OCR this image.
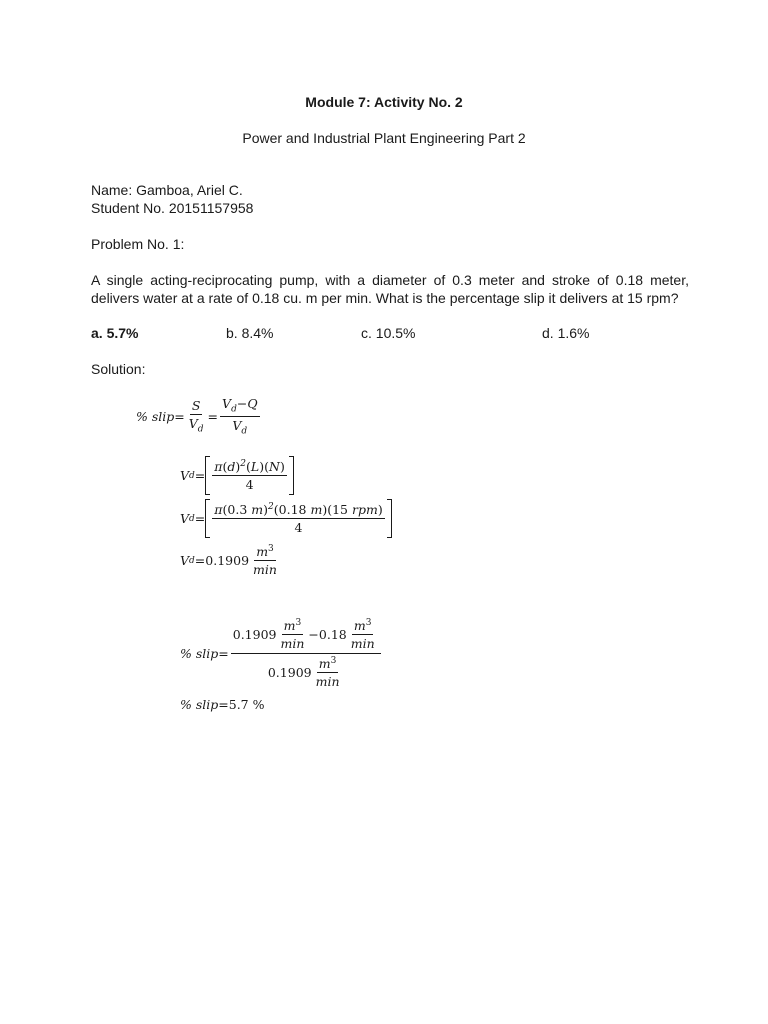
Module 7: Activity No. 2
Power and Industrial Plant Engineering Part 2
Name: Gamboa, Ariel C.
Student No. 20151157958
Problem No. 1:
A single acting-reciprocating pump, with a diameter of 0.3 meter and stroke of 0.18 meter, delivers water at a rate of 0.18 cu. m per min. What is the percentage slip it delivers at 15 rpm?
a. 5.7%	b. 8.4%	c. 10.5%	d. 1.6%
Solution:
% slip = $\frac{S}{V_d} = \frac{V_d-Q}{V_d}$
V $d = \frac{\pi(d)^2(L)(N)}{4}$
V $d = \frac{\pi(0.3 m)^2(0.18 m)(15 rpm)}{4}$
V $d = 0.1909 \frac{m^3}{\min}$
% slip =
$0.1909 \frac{m^3}{\min} - 0.18 \frac{m^3}{\min}$
$0.1909 \frac{m^3}{\min}$
% slip = 5.7 %
